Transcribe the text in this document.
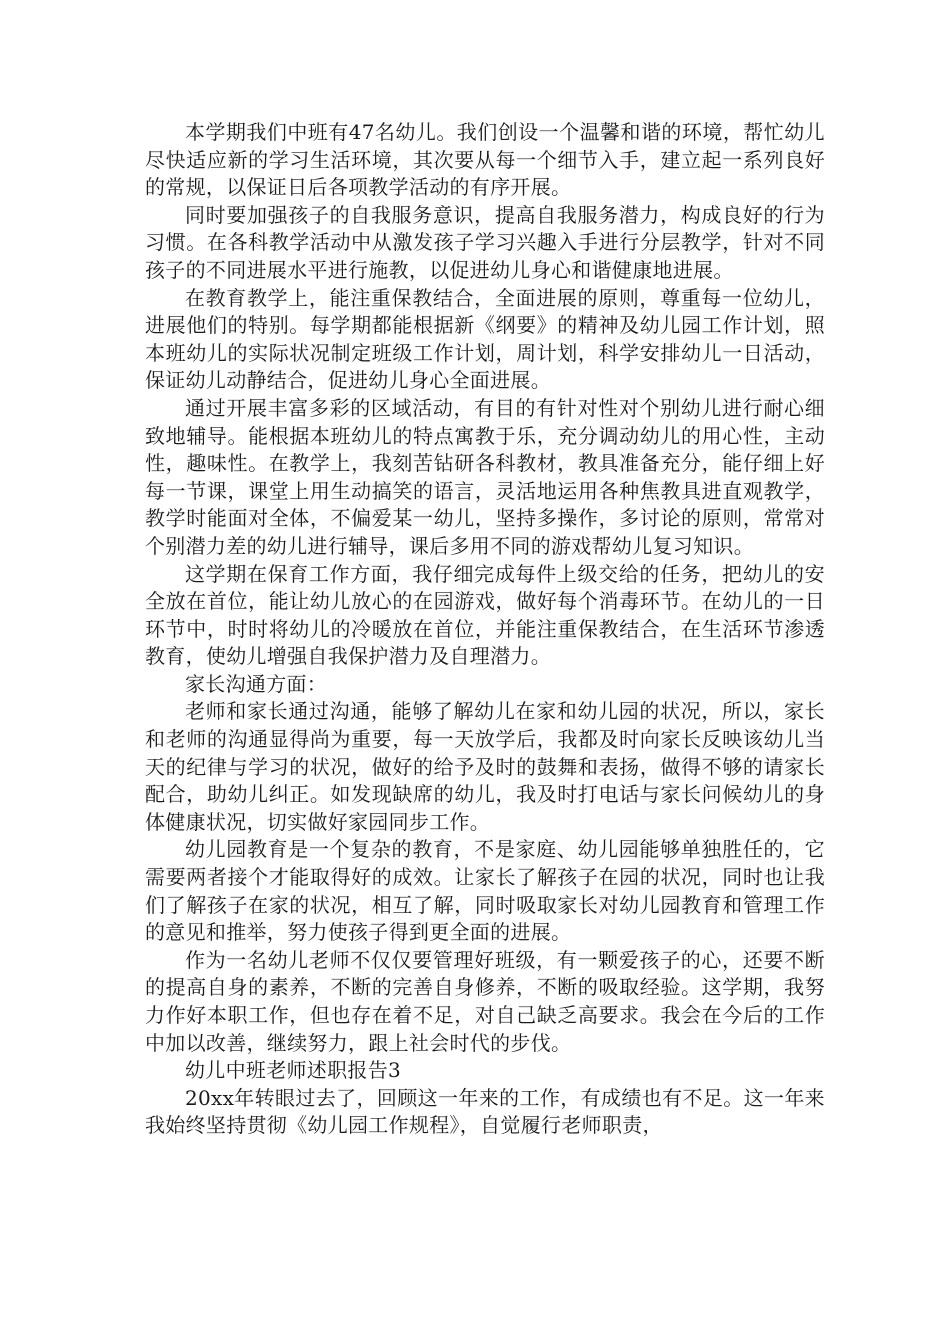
本学期我们中班有47名幼儿。我们创设一个温馨和谐的环境，帮忙幼儿尽快适应新的学习生活环境，其次要从每一个细节入手，建立起一系列良好的常规，以保证日后各项教学活动的有序开展。

同时要加强孩子的自我服务意识，提高自我服务潜力，构成良好的行为习惯。在各科教学活动中从激发孩子学习兴趣入手进行分层教学，针对不同孩子的不同进展水平进行施教，以促进幼儿身心和谐健康地进展。

在教育教学上，能注重保教结合，全面进展的原则，尊重每一位幼儿，进展他们的特别。每学期都能根据新《纲要》的精神及幼儿园工作计划，照本班幼儿的实际状况制定班级工作计划，周计划，科学安排幼儿一日活动，保证幼儿动静结合，促进幼儿身心全面进展。

通过开展丰富多彩的区域活动，有目的有针对性对个别幼儿进行耐心细致地辅导。能根据本班幼儿的特点寓教于乐，充分调动幼儿的用心性，主动性，趣味性。在教学上，我刻苦钻研各科教材，教具准备充分，能仔细上好每一节课，课堂上用生动搞笑的语言，灵活地运用各种焦教具进直观教学，教学时能面对全体，不偏爱某一幼儿，坚持多操作，多讨论的原则，常常对个别潜力差的幼儿进行辅导，课后多用不同的游戏帮幼儿复习知识。

这学期在保育工作方面，我仔细完成每件上级交给的任务，把幼儿的安全放在首位，能让幼儿放心的在园游戏，做好每个消毒环节。在幼儿的一日环节中，时时将幼儿的冷暖放在首位，并能注重保教结合，在生活环节渗透教育，使幼儿增强自我保护潜力及自理潜力。

家长沟通方面：

老师和家长通过沟通，能够了解幼儿在家和幼儿园的状况，所以，家长和老师的沟通显得尚为重要，每一天放学后，我都及时向家长反映该幼儿当天的纪律与学习的状况，做好的给予及时的鼓舞和表扬，做得不够的请家长配合，助幼儿纠正。如发现缺席的幼儿，我及时打电话与家长问候幼儿的身体健康状况，切实做好家园同步工作。

幼儿园教育是一个复杂的教育，不是家庭、幼儿园能够单独胜任的，它需要两者接个才能取得好的成效。让家长了解孩子在园的状况，同时也让我们了解孩子在家的状况，相互了解，同时吸取家长对幼儿园教育和管理工作的意见和推举，努力使孩子得到更全面的进展。

作为一名幼儿老师不仅仅要管理好班级，有一颗爱孩子的心，还要不断的提高自身的素养，不断的完善自身修养，不断的吸取经验。这学期，我努力作好本职工作，但也存在着不足，对自己缺乏高要求。我会在今后的工作中加以改善，继续努力，跟上社会时代的步伐。

幼儿中班老师述职报告3

20xx年转眼过去了，回顾这一年来的工作，有成绩也有不足。这一年来我始终坚持贯彻《幼儿园工作规程》，自觉履行老师职责，
